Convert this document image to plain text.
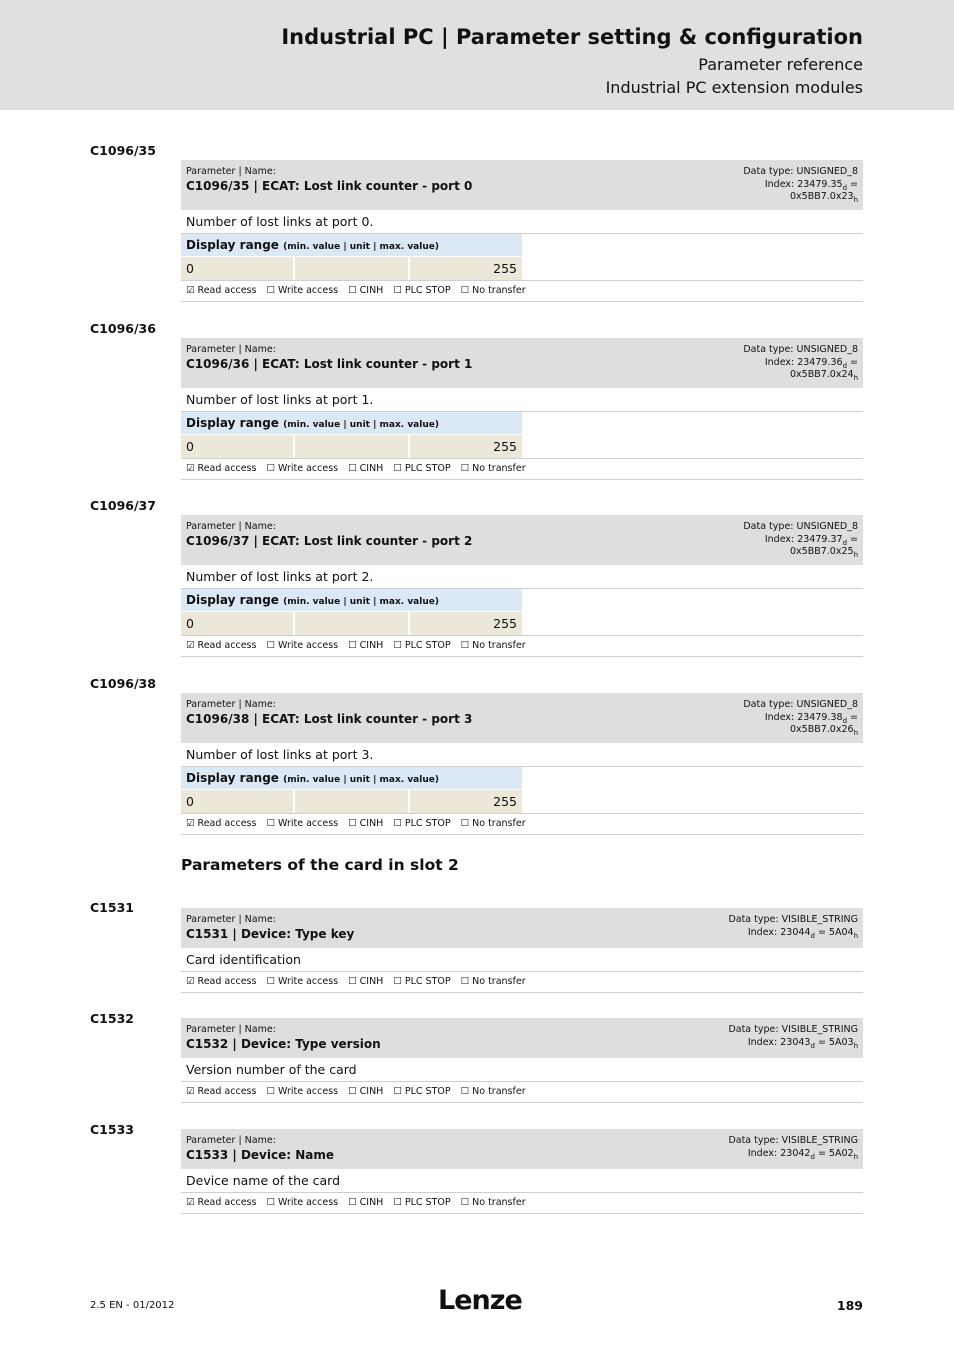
Industrial PC | Parameter setting & configuration
Parameter reference
Industrial PC extension modules
C1096/35
Parameter | Name:
C1096/35 | ECAT: Lost link counter - port 0
Data type: UNSIGNED_8
Index: $23479.35_d$ =
$0x5BB7.0x23_h$
Number of lost links at port 0.
Display range (min. value | unit | max. value)
0	255
☑ Read access ☐ Write access ☐ CINH ☐ PLC STOP ☐ No transfer
C1096/36
Parameter | Name:
C1096/36 | ECAT: Lost link counter - port 1
Data type: UNSIGNED_8
Index: $23479.36_d$ =
$0x5BB7.0x24_h$
Number of lost links at port 1.
Display range (min. value | unit | max. value)
0	255
☑ Read access ☐ Write access ☐ CINH ☐ PLC STOP ☐ No transfer
C1096/37
Parameter | Name:
C1096/37 | ECAT: Lost link counter - port 2
Data type: UNSIGNED_8
Index: $23479.37_d$ =
$0x5BB7.0x25_h$
Number of lost links at port 2.
Display range (min. value | unit | max. value)
0	255
☑ Read access ☐ Write access ☐ CINH ☐ PLC STOP ☐ No transfer
C1096/38
Parameter | Name:
C1096/38 | ECAT: Lost link counter - port 3
Data type: UNSIGNED_8
Index: $23479.38_d$ =
$0x5BB7.0x26_h$
Number of lost links at port 3.
Display range (min. value | unit | max. value)
0	255
☑ Read access ☐ Write access ☐ CINH ☐ PLC STOP ☐ No transfer
Parameters of the card in slot 2
C1531
Parameter | Name:
C1531 | Device: Type key
Data type: VISIBLE_STRING
Index: $23044_d = 5A04_h$
Card identification
☑ Read access ☐ Write access ☐ CINH ☐ PLC STOP ☐ No transfer
C1532
Parameter | Name:
C1532 | Device: Type version
Data type: VISIBLE_STRING
Index: $23043_d = 5A03_h$
Version number of the card
☑ Read access ☐ Write access ☐ CINH ☐ PLC STOP ☐ No transfer
C1533
Parameter | Name:
C1533 | Device: Name
Data type: VISIBLE_STRING
Index: $23042_d = 5A02_h$
Device name of the card
☑ Read access ☐ Write access ☐ CINH ☐ PLC STOP ☐ No transfer
2.5 EN - 01/2012	Lenze	189
